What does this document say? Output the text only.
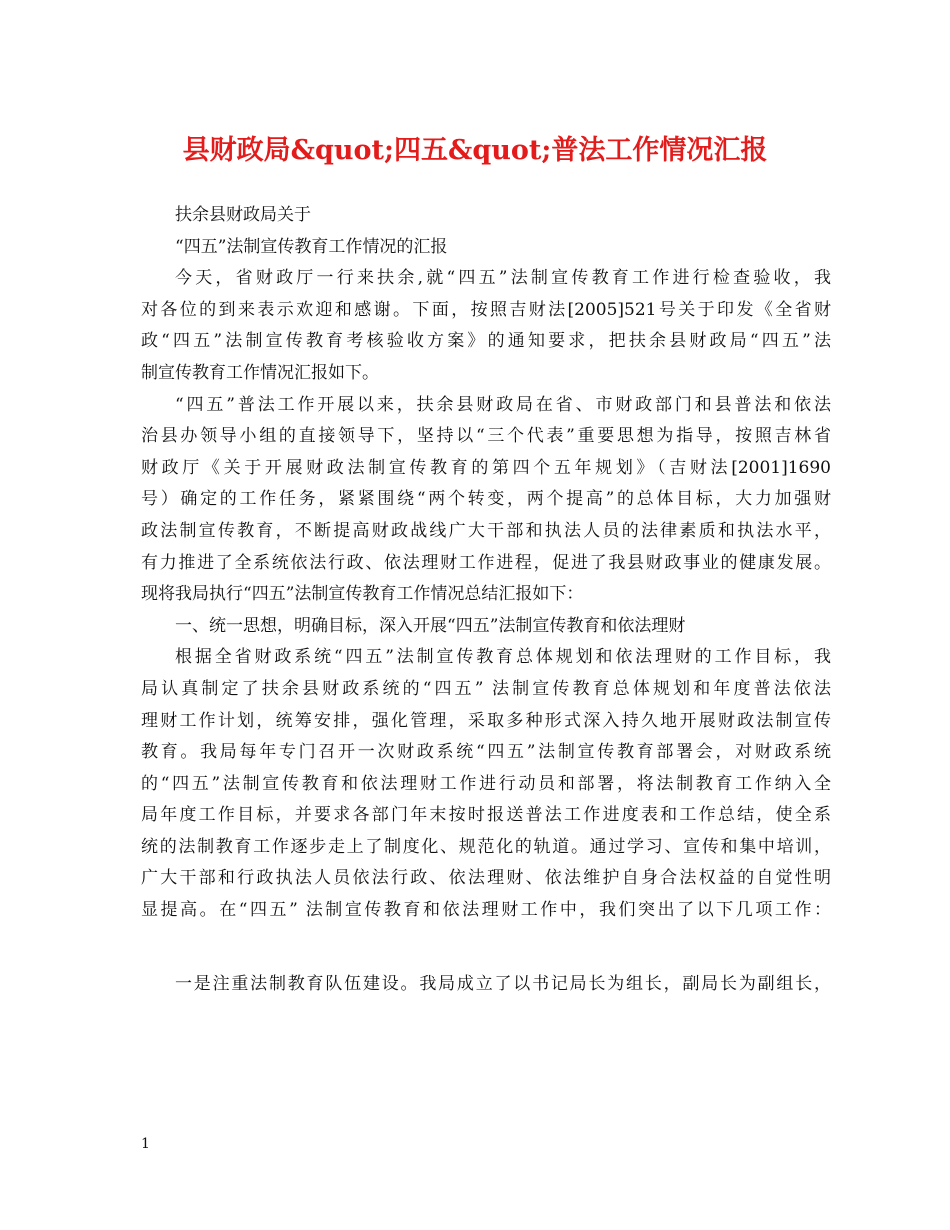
县财政局&quot;四五&quot;普法工作情况汇报
扶余县财政局关于
“四五”法制宣传教育工作情况的汇报
今天，省财政厅一行来扶余,就“四五”法制宣传教育工作进行检查验收，我
对各位的到来表示欢迎和感谢。下面，按照吉财法[2005]521号关于印发《全省财
政“四五”法制宣传教育考核验收方案》的通知要求，把扶余县财政局“四五”法
制宣传教育工作情况汇报如下。
“四五”普法工作开展以来，扶余县财政局在省、市财政部门和县普法和依法
治县办领导小组的直接领导下，坚持以“三个代表”重要思想为指导，按照吉林省
财政厅《关于开展财政法制宣传教育的第四个五年规划》（吉财法[2001]1690
号）确定的工作任务，紧紧围绕“两个转变，两个提高”的总体目标，大力加强财
政法制宣传教育，不断提高财政战线广大干部和执法人员的法律素质和执法水平，
有力推进了全系统依法行政、依法理财工作进程，促进了我县财政事业的健康发展。
现将我局执行“四五”法制宣传教育工作情况总结汇报如下：
一、统一思想，明确目标，深入开展“四五”法制宣传教育和依法理财
根据全省财政系统“四五”法制宣传教育总体规划和依法理财的工作目标，我
局认真制定了扶余县财政系统的“四五” 法制宣传教育总体规划和年度普法依法
理财工作计划，统筹安排，强化管理，采取多种形式深入持久地开展财政法制宣传
教育。我局每年专门召开一次财政系统“四五”法制宣传教育部署会，对财政系统
的“四五”法制宣传教育和依法理财工作进行动员和部署，将法制教育工作纳入全
局年度工作目标，并要求各部门年末按时报送普法工作进度表和工作总结，使全系
统的法制教育工作逐步走上了制度化、规范化的轨道。通过学习、宣传和集中培训，
广大干部和行政执法人员依法行政、依法理财、依法维护自身合法权益的自觉性明
显提高。在“四五” 法制宣传教育和依法理财工作中，我们突出了以下几项工作：
一是注重法制教育队伍建设。我局成立了以书记局长为组长，副局长为副组长，
1
